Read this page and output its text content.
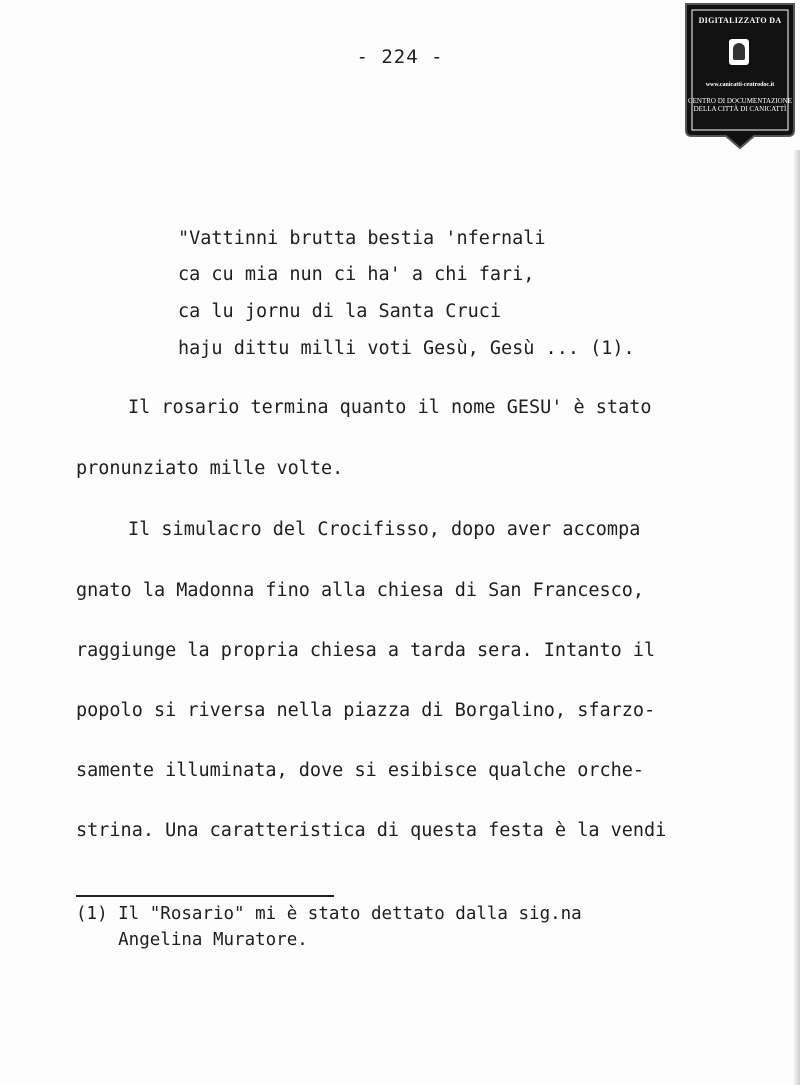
- 224 -
DIGITALIZZATO DA
www.canicatti-centrodoc.it
CENTRO DI DOCUMENTAZIONE
DELLA CITTÀ DI CANICATTÌ
"Vattinni brutta bestia 'nfernali
ca cu mia nun ci ha' a chi fari,
ca lu jornu di la Santa Cruci
haju dittu milli voti Gesù, Gesù ... (1).
Il rosario termina quanto il nome GESU' è stato
pronunziato mille volte.
Il simulacro del Crocifisso, dopo aver accompa
gnato la Madonna fino alla chiesa di San Francesco,
raggiunge la propria chiesa a tarda sera. Intanto il
popolo si riversa nella piazza di Borgalino, sfarzo-
samente illuminata, dove si esibisce qualche orche-
strina. Una caratteristica di questa festa è la vendi
(1) Il "Rosario" mi è stato dettato dalla sig.na
Angelina Muratore.
